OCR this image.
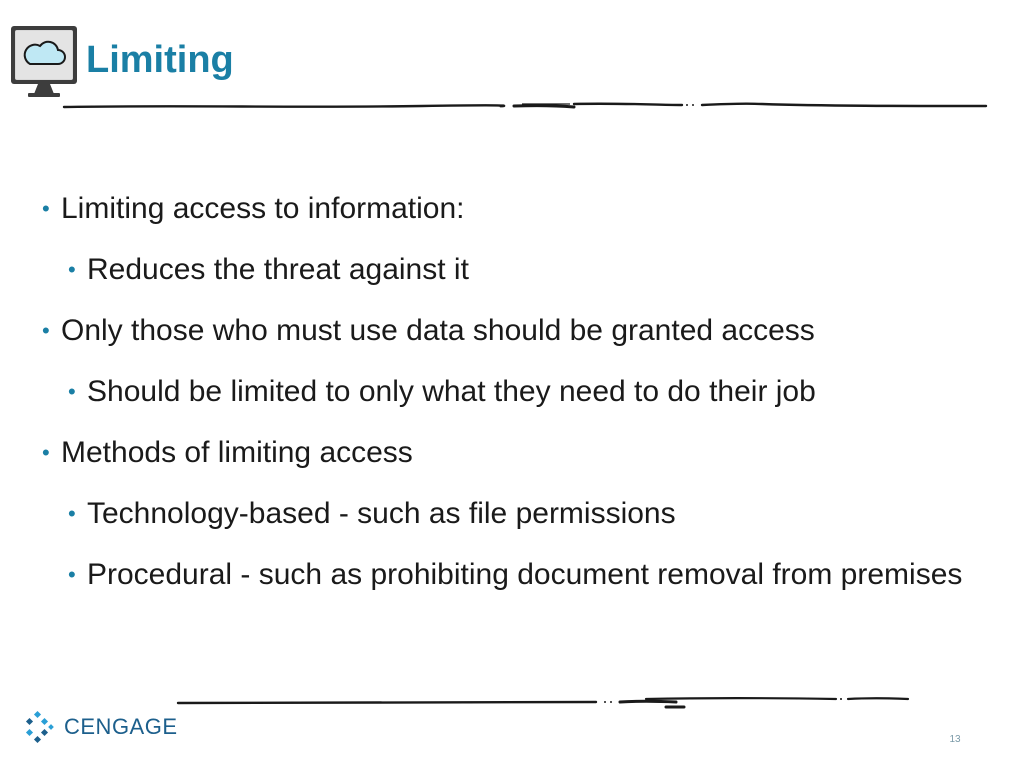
Limiting
• Limiting access to information:
• Reduces the threat against it
• Only those who must use data should be granted access
• Should be limited to only what they need to do their job
• Methods of limiting access
• Technology-based - such as file permissions
• Procedural - such as prohibiting document removal from premises
CENGAGE
13
